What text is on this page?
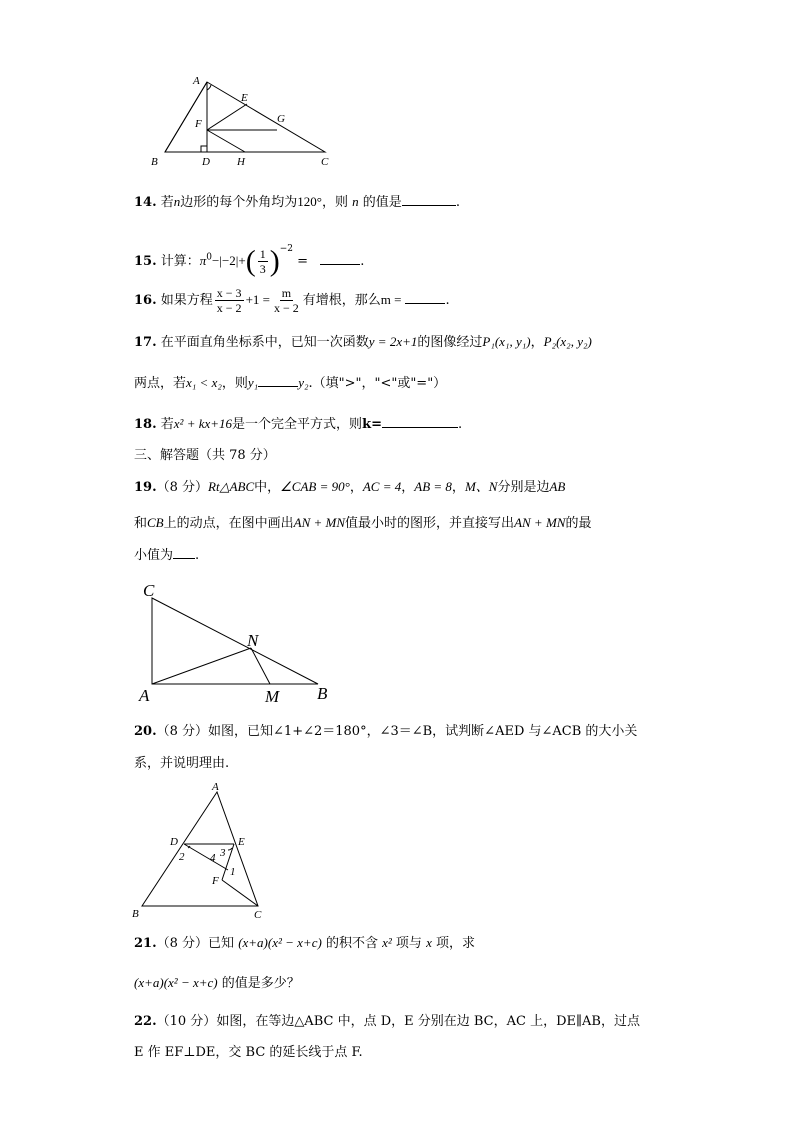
A
E
G
F
B	D H	C
14. 若n边形的每个外角均为120°，则 n 的值是	.
15. 计算：$\pi^0-|-2|+( \frac{1}{3} )^{-2}$ =	.
16. 如果方程 $\frac{x - 3}{x - 2} +1 = \frac{m}{x - 2}$ 有增根，那么m =	.
17. 在平面直角坐标系中，已知一次函数y = 2x+1的图像经过P₁(x₁, y₁)，P₂(x₂, y₂)
两点，若x₁ < x₂，则y₁	y₂.（填">"，"<"或"="）
18. 若x² + kx+16是一个完全平方式，则k=	.
三、解答题（共 78 分）
19.（8 分）Rt△ABC中，∠CAB = 90°，AC = 4，AB = 8，M、N分别是边AB
和CB上的动点，在图中画出AN + MN值最小时的图形，并直接写出AN + MN的最
小值为 .
C
N
A	M B
20.（8 分）如图，已知∠1+∠2＝180°，∠3＝∠B，试判断∠AED 与∠ACB 的大小关
系，并说明理由.
A
D	E
2 4 3
F
1
B	C
21.（8 分）已知 (x+a)(x² − x+c) 的积不含 x² 项与 x 项，求
(x+a)(x² − x+c) 的值是多少？
22.（10 分）如图，在等边△ABC 中，点 D，E 分别在边 BC，AC 上，DE∥AB，过点
E 作 EF⊥DE，交 BC 的延长线于点 F.
